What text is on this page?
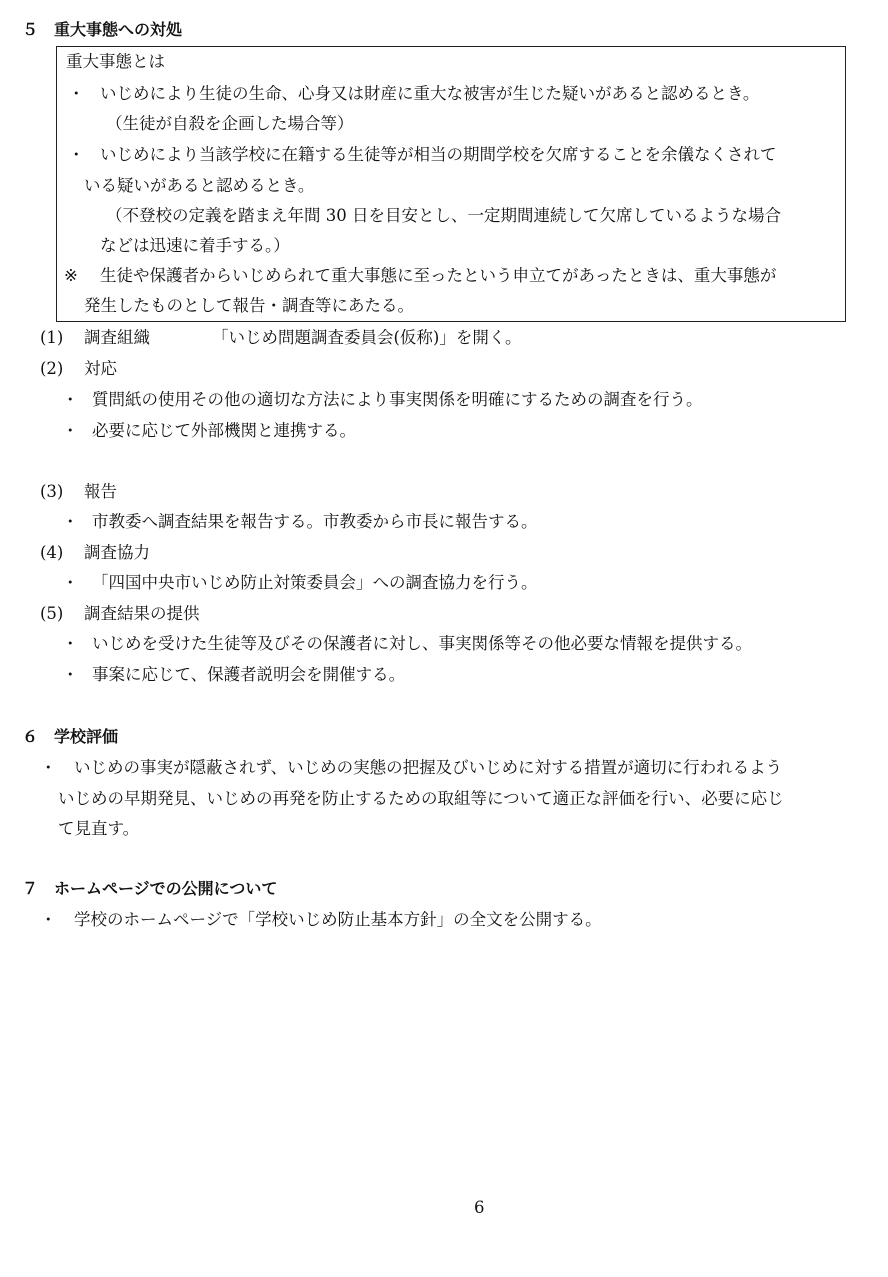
５　重大事態への対処
重大事態とは
・ いじめにより生徒の生命、心身又は財産に重大な被害が生じた疑いがあると認めるとき。
（生徒が自殺を企画した場合等）
・ いじめにより当該学校に在籍する生徒等が相当の期間学校を欠席することを余儀なくされて
いる疑いがあると認めるとき。
（不登校の定義を踏まえ年間 30 日を目安とし、一定期間連続して欠席しているような場合
などは迅速に着手する。）
※ 生徒や保護者からいじめられて重大事態に至ったという申立てがあったときは、重大事態が
発生したものとして報告・調査等にあたる。
(1) 調査組織	「いじめ問題調査委員会(仮称)」を開く。
(2) 対応
・ 質問紙の使用その他の適切な方法により事実関係を明確にするための調査を行う。
・ 必要に応じて外部機関と連携する。
(3) 報告
・ 市教委へ調査結果を報告する。市教委から市長に報告する。
(4) 調査協力
・ 「四国中央市いじめ防止対策委員会」への調査協力を行う。
(5) 調査結果の提供
・ いじめを受けた生徒等及びその保護者に対し、事実関係等その他必要な情報を提供する。
・ 事案に応じて、保護者説明会を開催する。
６　学校評価
・ いじめの事実が隠蔽されず、いじめの実態の把握及びいじめに対する措置が適切に行われるよう
いじめの早期発見、いじめの再発を防止するための取組等について適正な評価を行い、必要に応じ
て見直す。
７　ホームページでの公開について
・ 学校のホームページで「学校いじめ防止基本方針」の全文を公開する。
6
